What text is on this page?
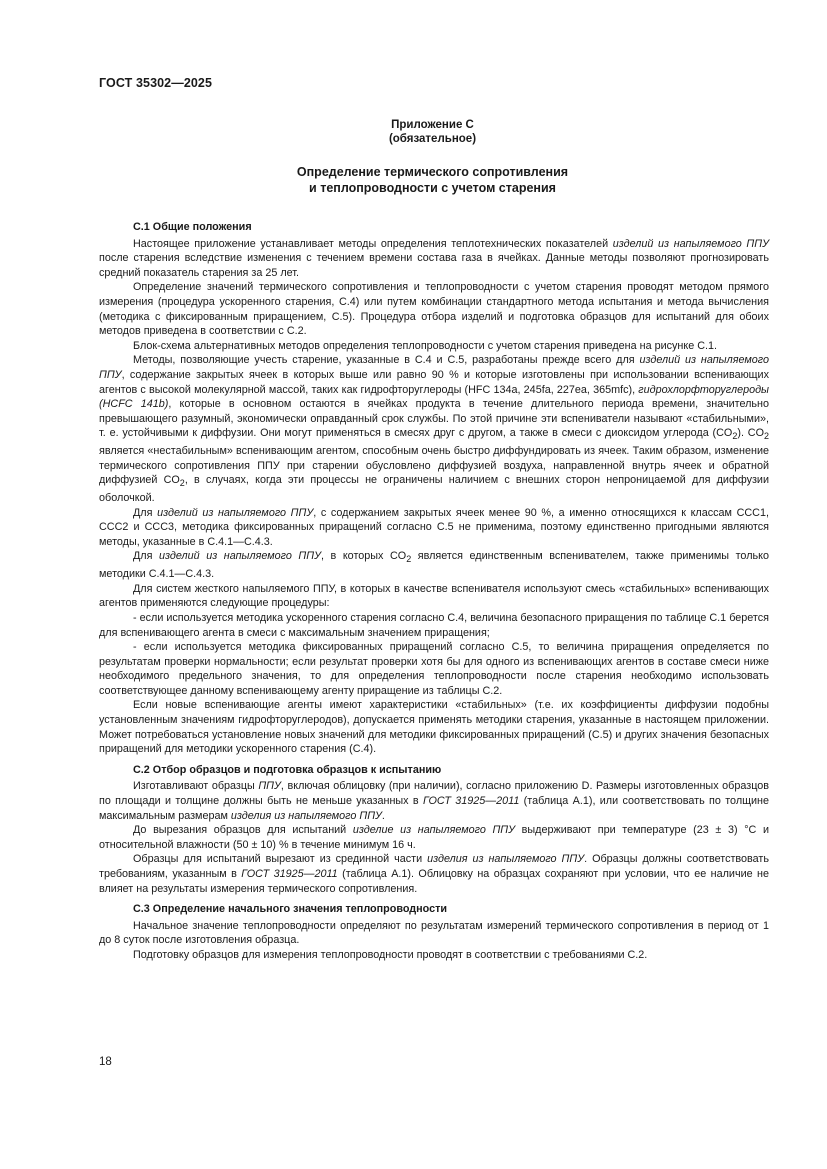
ГОСТ 35302—2025
Приложение С
(обязательное)
Определение термического сопротивления
и теплопроводности с учетом старения
С.1 Общие положения

Настоящее приложение устанавливает методы определения теплотехнических показателей изделий из напыляемого ППУ после старения вследствие изменения с течением времени состава газа в ячейках. Данные методы позволяют прогнозировать средний показатель старения за 25 лет.

Определение значений термического сопротивления и теплопроводности с учетом старения проводят методом прямого измерения (процедура ускоренного старения, С.4) или путем комбинации стандартного метода испытания и метода вычисления (методика с фиксированным приращением, С.5). Процедура отбора изделий и подготовка образцов для испытаний для обоих методов приведена в соответствии с С.2.

Блок-схема альтернативных методов определения теплопроводности с учетом старения приведена на рисунке С.1.

Методы, позволяющие учесть старение, указанные в С.4 и С.5, разработаны прежде всего для изделий из напыляемого ППУ, содержание закрытых ячеек в которых выше или равно 90 % и которые изготовлены при использовании вспенивающих агентов с высокой молекулярной массой, таких как гидрофторуглероды (HFC 134a, 245fa, 227ea, 365mfc), гидрохлорфторуглероды (HCFC 141b), которые в основном остаются в ячейках продукта в течение длительного периода времени, значительно превышающего разумный, экономически оправданный срок службы. По этой причине эти вспениватели называют «стабильными», т. е. устойчивыми к диффузии. Они могут применяться в смесях друг с другом, а также в смеси с диоксидом углерода $(CO_2)$. $CO_2$ является «нестабильным» вспенивающим агентом, способным очень быстро диффундировать из ячеек. Таким образом, изменение термического сопротивления ППУ при старении обусловлено диффузией воздуха, направленной внутрь ячеек и обратной диффузией $CO_2$, в случаях, когда эти процессы не ограничены наличием с внешних сторон непроницаемой для диффузии оболочкой.

Для изделий из напыляемого ППУ, с содержанием закрытых ячеек менее 90 %, а именно относящихся к классам ССС1, ССС2 и ССС3, методика фиксированных приращений согласно С.5 не применима, поэтому единственно пригодными являются методы, указанные в С.4.1—С.4.3.

Для изделий из напыляемого ППУ, в которых $CO_2$ является единственным вспенивателем, также применимы только методики С.4.1—С.4.3.

Для систем жесткого напыляемого ППУ, в которых в качестве вспенивателя используют смесь «стабильных» вспенивающих агентов применяются следующие процедуры:

- если используется методика ускоренного старения согласно С.4, величина безопасного приращения по таблице С.1 берется для вспенивающего агента в смеси с максимальным значением приращения;

- если используется методика фиксированных приращений согласно С.5, то величина приращения определяется по результатам проверки нормальности; если результат проверки хотя бы для одного из вспенивающих агентов в составе смеси ниже необходимого предельного значения, то для определения теплопроводности после старения необходимо использовать соответствующее данному вспенивающему агенту приращение из таблицы С.2.

Если новые вспенивающие агенты имеют характеристики «стабильных» (т.е. их коэффициенты диффузии подобны установленным значениям гидрофторуглеродов), допускается применять методики старения, указанные в настоящем приложении. Может потребоваться установление новых значений для методики фиксированных приращений (С.5) и других значения безопасных приращений для методики ускоренного старения (С.4).

С.2 Отбор образцов и подготовка образцов к испытанию

Изготавливают образцы ППУ, включая облицовку (при наличии), согласно приложению D. Размеры изготовленных образцов по площади и толщине должны быть не меньше указанных в ГОСТ 31925—2011 (таблица А.1), или соответствовать по толщине максимальным размерам изделия из напыляемого ППУ.

До вырезания образцов для испытаний изделие из напыляемого ППУ выдерживают при температуре (23 ± 3) °С и относительной влажности (50 ± 10) % в течение минимум 16 ч.

Образцы для испытаний вырезают из срединной части изделия из напыляемого ППУ. Образцы должны соответствовать требованиям, указанным в ГОСТ 31925—2011 (таблица А.1). Облицовку на образцах сохраняют при условии, что ее наличие не влияет на результаты измерения термического сопротивления.

С.3 Определение начального значения теплопроводности

Начальное значение теплопроводности определяют по результатам измерений термического сопротивления в период от 1 до 8 суток после изготовления образца.

Подготовку образцов для измерения теплопроводности проводят в соответствии с требованиями С.2.

18
